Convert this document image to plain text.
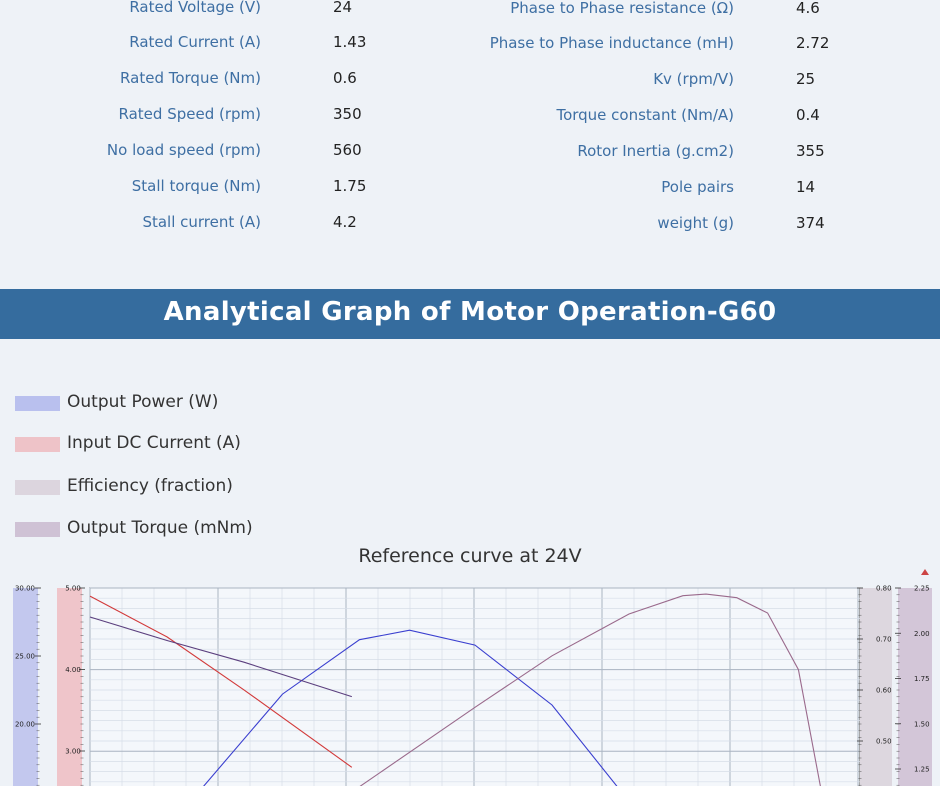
Rated Voltage (V)	24
Rated Current (A)	1.43
Rated Torque (Nm)	0.6
Rated Speed (rpm)	350
No load speed (rpm)	560
Stall torque (Nm)	1.75
Stall current (A)	4.2
Phase to Phase resistance (Ω)	4.6
Phase to Phase inductance (mH)	2.72
Kv (rpm/V)	25
Torque constant (Nm/A)	0.4
Rotor Inertia (g.cm2)	355
Pole pairs	14
weight (g)	374
Analytical Graph of Motor Operation-G60
Output Power (W)
Input DC Current (A)
Efficiency (fraction)
Output Torque (mNm)
Reference curve at 24V
30.00
25.00
20.00
5.00
4.00
3.00
0.80
0.70
0.60
0.50
2.25
2.00
1.75
1.50
1.25
